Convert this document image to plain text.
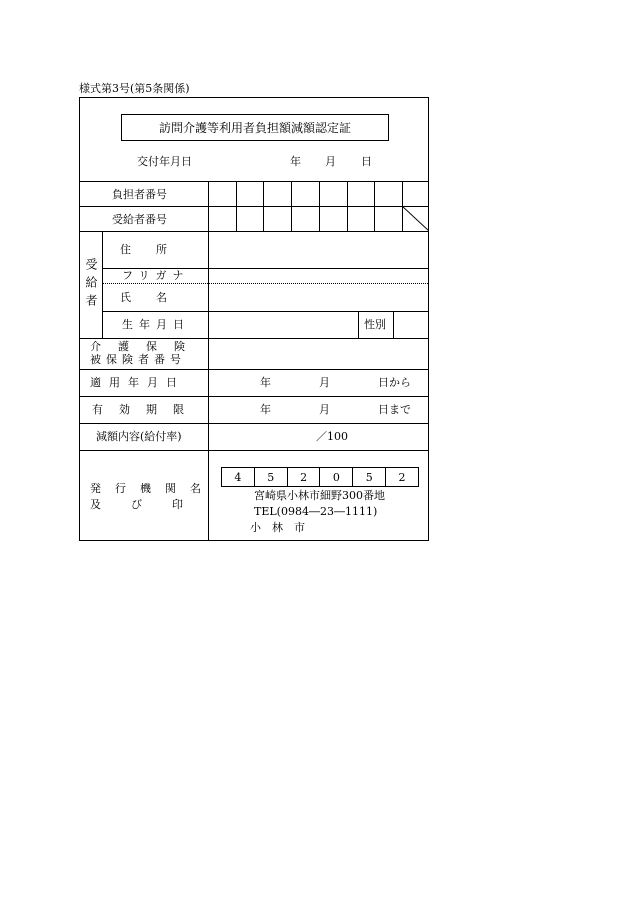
様式第3号(第5条関係)
訪問介護等利用者負担額減額認定証
交付年月日	年 月 日
負担者番号
受給者番号
受給者
住　　所
フリガナ
氏　　名
生年月日	性別
介護保険
被保険者番号
適用年月日	年	月	日から
有効期限	年	月	日まで
減額内容(給付率)	／100
発行機関名
及び印
4	5	2	0	5	2
宮崎県小林市細野300番地
TEL(0984―23―1111)
小　林　市
